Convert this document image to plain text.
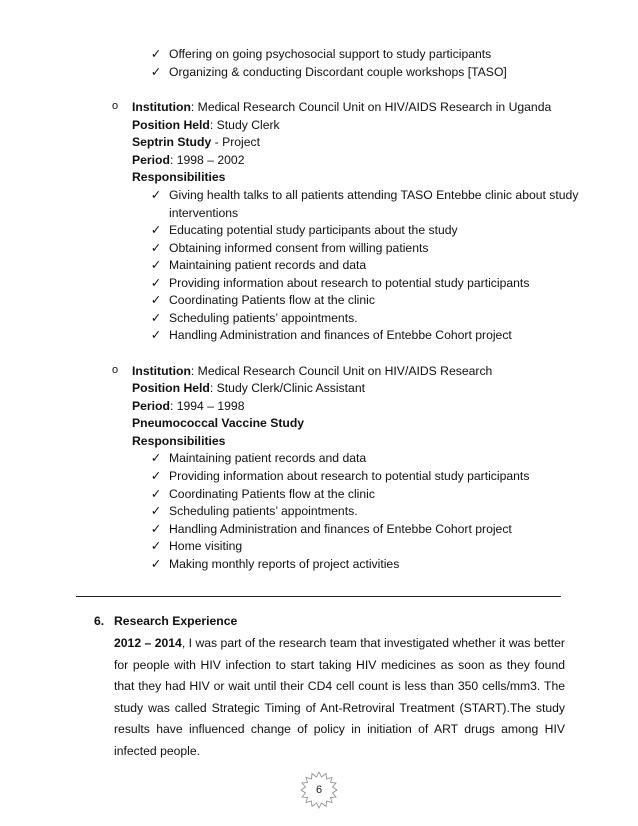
✓ Offering on going psychosocial support to study participants
✓ Organizing & conducting Discordant couple workshops [TASO]
o Institution: Medical Research Council Unit on HIV/AIDS Research in Uganda
Position Held: Study Clerk
Septrin Study - Project
Period: 1998 – 2002
Responsibilities
✓ Giving health talks to all patients attending TASO Entebbe clinic about study
interventions
✓ Educating potential study participants about the study
✓ Obtaining informed consent from willing patients
✓ Maintaining patient records and data
✓ Providing information about research to potential study participants
✓ Coordinating Patients flow at the clinic
✓ Scheduling patients’ appointments.
✓ Handling Administration and finances of Entebbe Cohort project
o Institution: Medical Research Council Unit on HIV/AIDS Research
Position Held: Study Clerk/Clinic Assistant
Period: 1994 – 1998
Pneumococcal Vaccine Study
Responsibilities
✓ Maintaining patient records and data
✓ Providing information about research to potential study participants
✓ Coordinating Patients flow at the clinic
✓ Scheduling patients’ appointments.
✓ Handling Administration and finances of Entebbe Cohort project
✓ Home visiting
✓ Making monthly reports of project activities
6. Research Experience
2012 – 2014, I was part of the research team that investigated whether it was better for people with HIV infection to start taking HIV medicines as soon as they found that they had HIV or wait until their CD4 cell count is less than 350 cells/mm3. The study was called Strategic Timing of Ant-Retroviral Treatment (START).The study results have influenced change of policy in initiation of ART drugs among HIV infected people.
6
